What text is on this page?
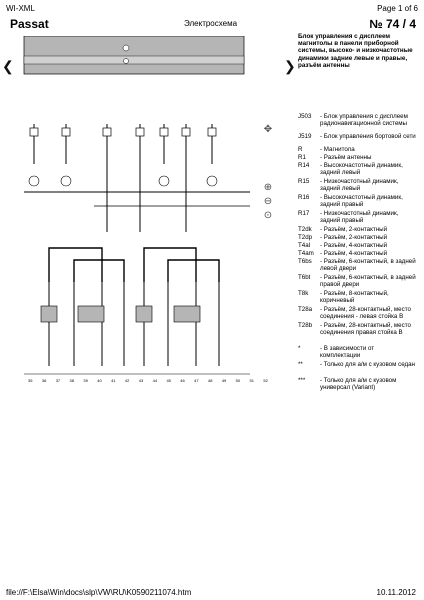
WI-XML	Page 1 of 6
Passat	Электросхема	№ 74 / 4
❮	❯
35 36 37 38 39 40 41 42 43 44 45 46 47 48 49 50 51 52
Блок управления с дисплеем магнитолы в панели приборной системы, высоко- и низкочастотные динамики задние левые и правые, разъём антенны
✥
⊕
⊖
⊙
J503 - Блок управления с дисплеем радионавигационной системы
J519 - Блок управления бортовой сети
R	- Магнитола
R1 - Разъём антенны
R14 - Высокочастотный динамик, задний левый
R15 - Низкочастотный динамик, задний левый
R16 - Высокочастотный динамик, задний правый
R17 - Низкочастотный динамик, задний правый
T2dk - Разъём, 2-контактный
T2dp - Разъём, 2-контактный
T4al - Разъём, 4-контактный
T4am - Разъём, 4-контактный
T6bs - Разъём, 6-контактный, в задней левой двери
T6bt - Разъём, 6-контактный, в задней правой двери
T8k - Разъём, 8-контактный, коричневый
T28a - Разъём, 28-контактный, место соединения - левая стойка B
T28b - Разъём, 28-контактный, место соединения правая стойка B
*	- В зависимости от комплектации
**	- Только для а/м с кузовом седан
*** - Только для а/м с кузовом универсал (Variant)
file://F:\Elsa\Win\docs\slp\VW\RU\K0590211074.htm	10.11.2012
